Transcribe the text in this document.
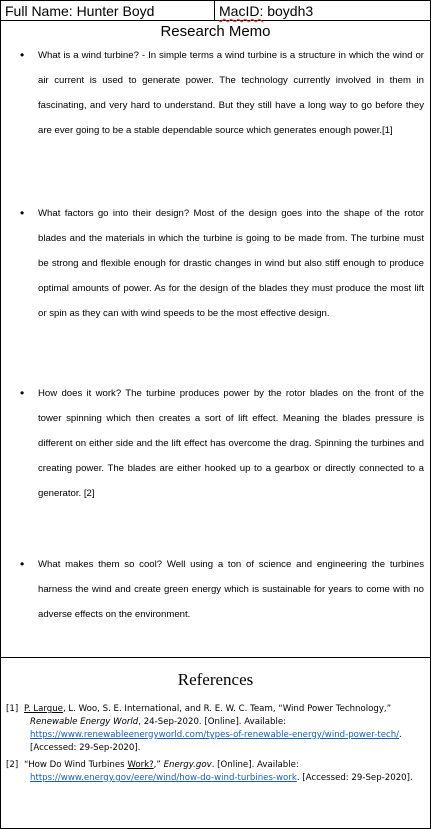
Full Name: Hunter Boyd	MacID: boydh3
Research Memo
•	What is a wind turbine? - In simple terms a wind turbine is a structure in which the wind or air current is used to generate power. The technology currently involved in them in fascinating, and very hard to understand. But they still have a long way to go before they are ever going to be a stable dependable source which generates enough power.[1]
•	What factors go into their design? Most of the design goes into the shape of the rotor blades and the materials in which the turbine is going to be made from. The turbine must be strong and flexible enough for drastic changes in wind but also stiff enough to produce optimal amounts of power. As for the design of the blades they must produce the most lift or spin as they can with wind speeds to be the most effective design.
•	How does it work? The turbine produces power by the rotor blades on the front of the tower spinning which then creates a sort of lift effect. Meaning the blades pressure is different on either side and the lift effect has overcome the drag. Spinning the turbines and creating power. The blades are either hooked up to a gearbox or directly connected to a generator. [2]
•	What makes them so cool? Well using a ton of science and engineering the turbines harness the wind and create green energy which is sustainable for years to come with no adverse effects on the environment.
References
[1] P. Largue, L. Woo, S. E. International, and R. E. W. C. Team, “Wind Power Technology,” Renewable Energy World, 24-Sep-2020. [Online]. Available: https://www.renewableenergyworld.com/types-of-renewable-energy/wind-power-tech/. [Accessed: 29-Sep-2020].
[2] “How Do Wind Turbines Work?,” Energy.gov. [Online]. Available: https://www.energy.gov/eere/wind/how-do-wind-turbines-work. [Accessed: 29-Sep-2020].
